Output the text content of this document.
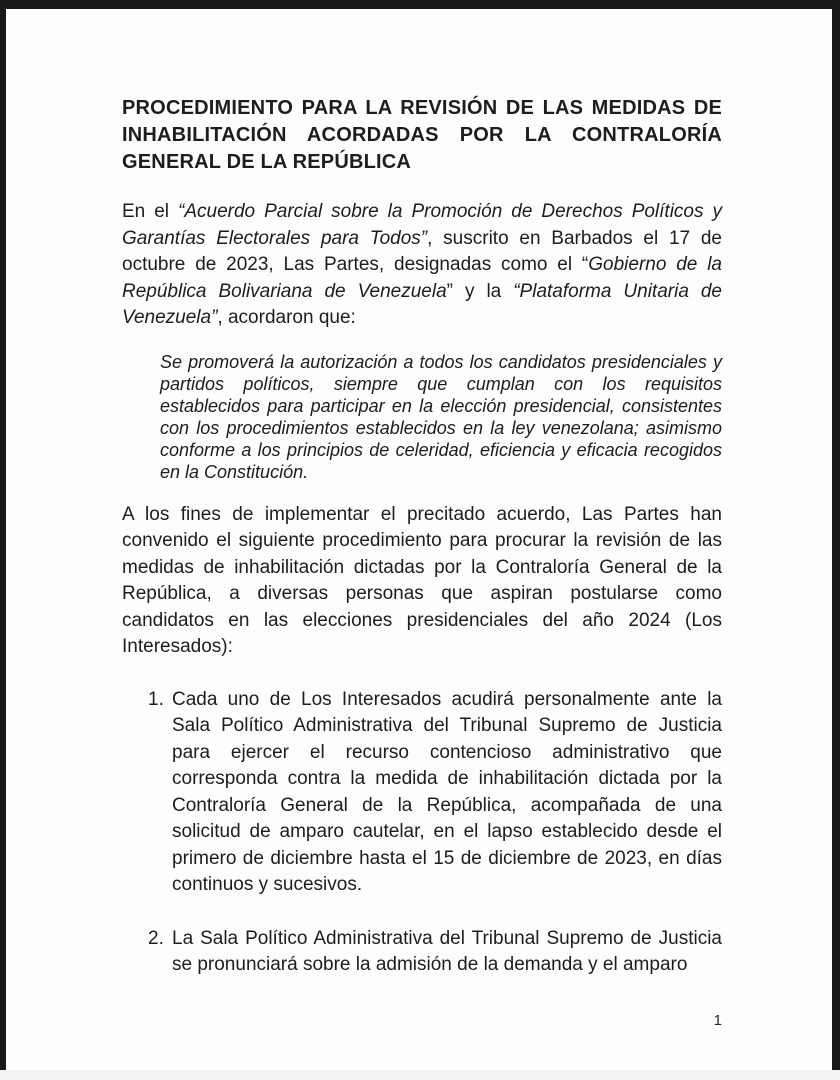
PROCEDIMIENTO PARA LA REVISIÓN DE LAS MEDIDAS DE INHABILITACIÓN ACORDADAS POR LA CONTRALORÍA GENERAL DE LA REPÚBLICA

En el “Acuerdo Parcial sobre la Promoción de Derechos Políticos y Garantías Electorales para Todos”, suscrito en Barbados el 17 de octubre de 2023, Las Partes, designadas como el “Gobierno de la República Bolivariana de Venezuela” y la “Plataforma Unitaria de Venezuela”, acordaron que:

Se promoverá la autorización a todos los candidatos presidenciales y partidos políticos, siempre que cumplan con los requisitos establecidos para participar en la elección presidencial, consistentes con los procedimientos establecidos en la ley venezolana; asimismo conforme a los principios de celeridad, eficiencia y eficacia recogidos en la Constitución.

A los fines de implementar el precitado acuerdo, Las Partes han convenido el siguiente procedimiento para procurar la revisión de las medidas de inhabilitación dictadas por la Contraloría General de la República, a diversas personas que aspiran postularse como candidatos en las elecciones presidenciales del año 2024 (Los Interesados):

1. Cada uno de Los Interesados acudirá personalmente ante la Sala Político Administrativa del Tribunal Supremo de Justicia para ejercer el recurso contencioso administrativo que corresponda contra la medida de inhabilitación dictada por la Contraloría General de la República, acompañada de una solicitud de amparo cautelar, en el lapso establecido desde el primero de diciembre hasta el 15 de diciembre de 2023, en días continuos y sucesivos.
2. La Sala Político Administrativa del Tribunal Supremo de Justicia se pronunciará sobre la admisión de la demanda y el amparo
1
